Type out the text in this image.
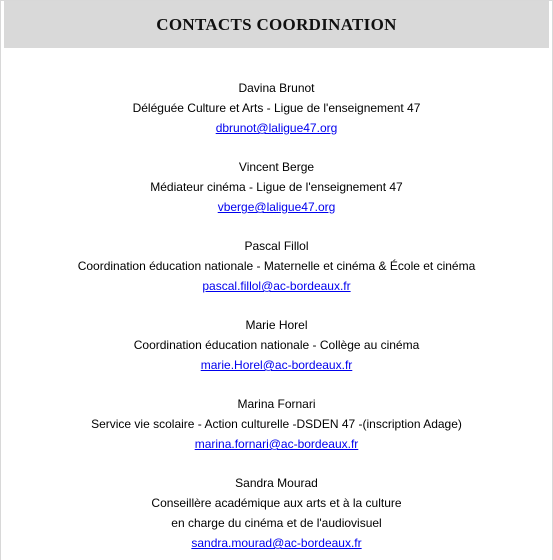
CONTACTS COORDINATION
Davina Brunot
Déléguée Culture et Arts - Ligue de l'enseignement 47
dbrunot@laligue47.org
Vincent Berge
Médiateur cinéma - Ligue de l'enseignement 47
vberge@laligue47.org
Pascal Fillol
Coordination éducation nationale - Maternelle et cinéma & École et cinéma
pascal.fillol@ac-bordeaux.fr
Marie Horel
Coordination éducation nationale - Collège au cinéma
marie.Horel@ac-bordeaux.fr
Marina Fornari
Service vie scolaire - Action culturelle -DSDEN 47 -(inscription Adage)
marina.fornari@ac-bordeaux.fr
Sandra Mourad
Conseillère académique aux arts et à la culture
en charge du cinéma et de l'audiovisuel
sandra.mourad@ac-bordeaux.fr
